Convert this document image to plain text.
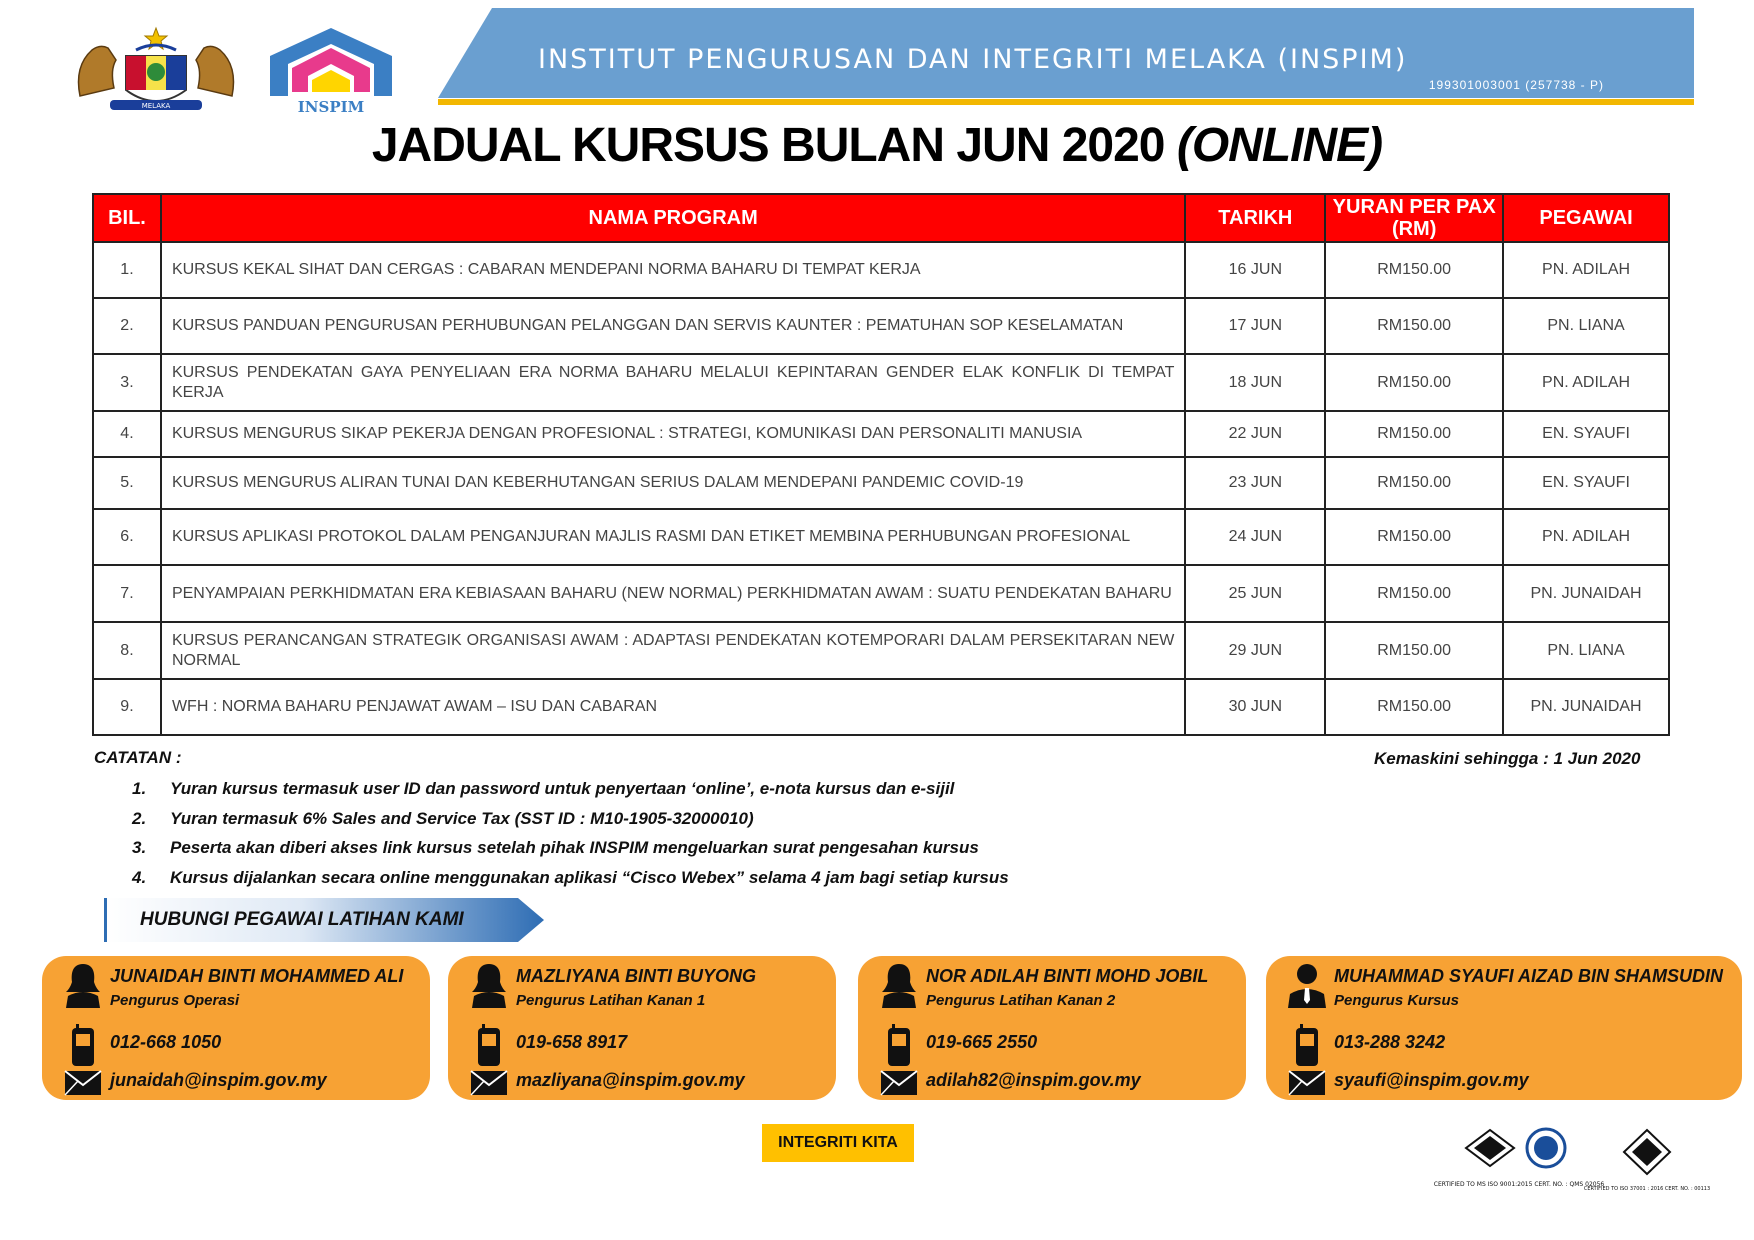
MELAKA	INSPIM
INSTITUT PENGURUSAN DAN INTEGRITI MELAKA (INSPIM)
199301003001 (257738 - P)
JADUAL KURSUS BULAN JUN 2020 (ONLINE)
BIL.	NAMA PROGRAM	TARIKH	YURAN PER PAX (RM)	PEGAWAI
1.	KURSUS KEKAL SIHAT DAN CERGAS : CABARAN MENDEPANI NORMA BAHARU DI TEMPAT KERJA	16 JUN	RM150.00	PN. ADILAH
2.	KURSUS PANDUAN PENGURUSAN PERHUBUNGAN PELANGGAN DAN SERVIS KAUNTER : PEMATUHAN SOP KESELAMATAN	17 JUN	RM150.00	PN. LIANA
3.	KURSUS PENDEKATAN GAYA PENYELIAAN ERA NORMA BAHARU MELALUI KEPINTARAN GENDER ELAK KONFLIK DI TEMPAT KERJA	18 JUN	RM150.00	PN. ADILAH
4.	KURSUS MENGURUS SIKAP PEKERJA DENGAN PROFESIONAL : STRATEGI, KOMUNIKASI DAN PERSONALITI MANUSIA	22 JUN	RM150.00	EN. SYAUFI
5.	KURSUS MENGURUS ALIRAN TUNAI DAN KEBERHUTANGAN SERIUS DALAM MENDEPANI PANDEMIC COVID-19	23 JUN	RM150.00	EN. SYAUFI
6.	KURSUS APLIKASI PROTOKOL DALAM PENGANJURAN MAJLIS RASMI DAN ETIKET MEMBINA PERHUBUNGAN PROFESIONAL	24 JUN	RM150.00	PN. ADILAH
7.	PENYAMPAIAN PERKHIDMATAN ERA KEBIASAAN BAHARU (NEW NORMAL) PERKHIDMATAN AWAM : SUATU PENDEKATAN BAHARU	25 JUN	RM150.00	PN. JUNAIDAH
8.	KURSUS PERANCANGAN STRATEGIK ORGANISASI AWAM : ADAPTASI PENDEKATAN KOTEMPORARI DALAM PERSEKITARAN NEW NORMAL	29 JUN	RM150.00	PN. LIANA
9.	WFH : NORMA BAHARU PENJAWAT AWAM – ISU DAN CABARAN	30 JUN	RM150.00	PN. JUNAIDAH
CATATAN :	Kemaskini sehingga : 1 Jun 2020
1. Yuran kursus termasuk user ID dan password untuk penyertaan ‘online’, e-nota kursus dan e-sijil
2. Yuran termasuk 6% Sales and Service Tax (SST ID : M10-1905-32000010)
3. Peserta akan diberi akses link kursus setelah pihak INSPIM mengeluarkan surat pengesahan kursus
4. Kursus dijalankan secara online menggunakan aplikasi “Cisco Webex” selama 4 jam bagi setiap kursus
HUBUNGI PEGAWAI LATIHAN KAMI
JUNAIDAH BINTI MOHAMMED ALI
Pengurus Operasi
012-668 1050
junaidah@inspim.gov.my
MAZLIYANA BINTI BUYONG
Pengurus Latihan Kanan 1
019-658 8917
mazliyana@inspim.gov.my
NOR ADILAH BINTI MOHD JOBIL
Pengurus Latihan Kanan 2
019-665 2550
adilah82@inspim.gov.my
MUHAMMAD SYAUFI AIZAD BIN SHAMSUDIN
Pengurus Kursus
013-288 3242
syaufi@inspim.gov.my
INTEGRITI KITA
CERTIFIED TO MS ISO 9001:2015 CERT. NO. : QMS 02056
CERTIFIED TO ISO 37001 : 2016 CERT. NO. : 00113
